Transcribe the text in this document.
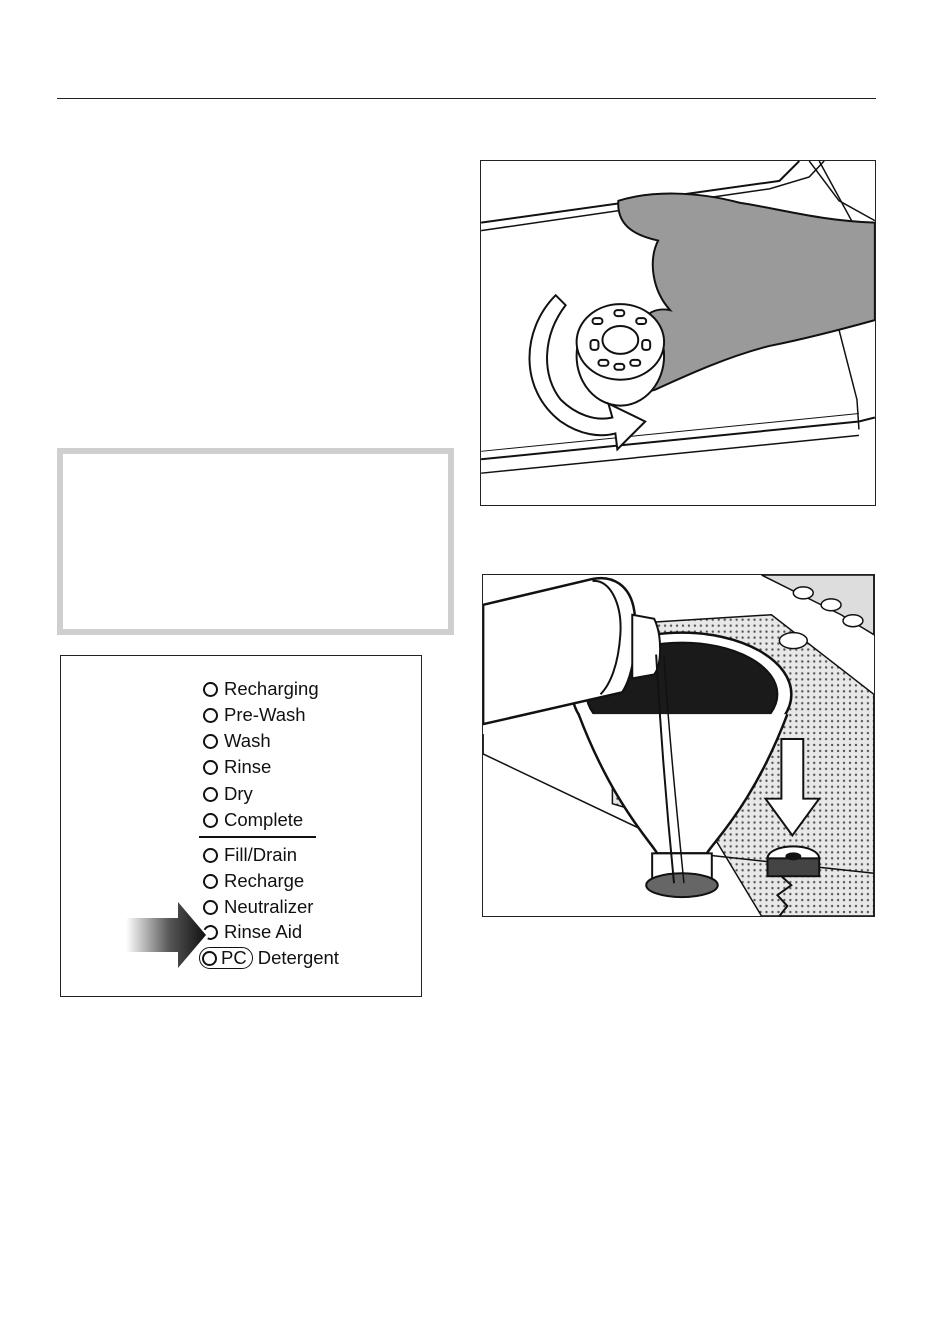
Recharging
Pre-Wash
Wash
Rinse
Dry
Complete
Fill/Drain
Recharge
Neutralizer
Rinse Aid
PC Detergent
